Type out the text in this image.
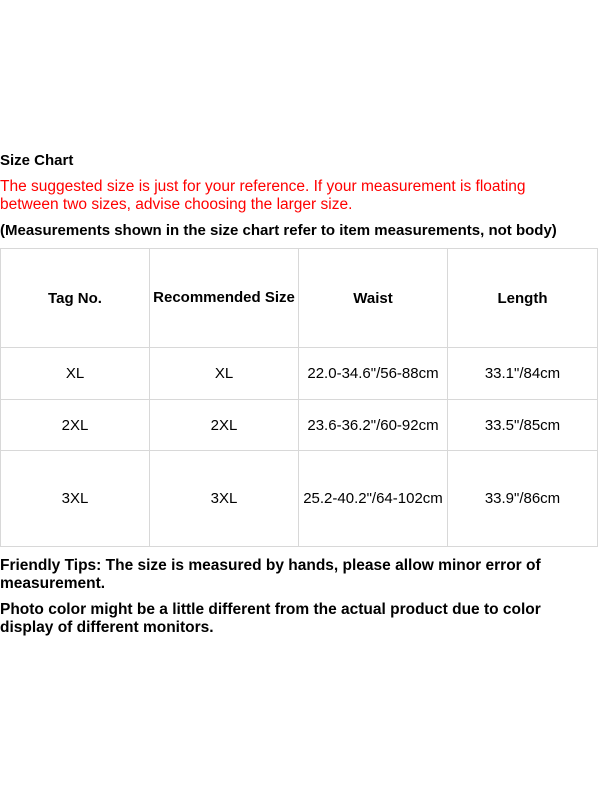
Size Chart
The suggested size is just for your reference. If your measurement is floating between two sizes, advise choosing the larger size.
(Measurements shown in the size chart refer to item measurements, not body)
Tag No.	Recommended Size	Waist	Length
XL	XL	22.0-34.6"/56-88cm	33.1"/84cm
2XL	2XL	23.6-36.2"/60-92cm	33.5"/85cm
3XL	3XL	25.2-40.2"/64-102cm	33.9"/86cm
Friendly Tips: The size is measured by hands, please allow minor error of measurement.
Photo color might be a little different from the actual product due to color display of different monitors.
